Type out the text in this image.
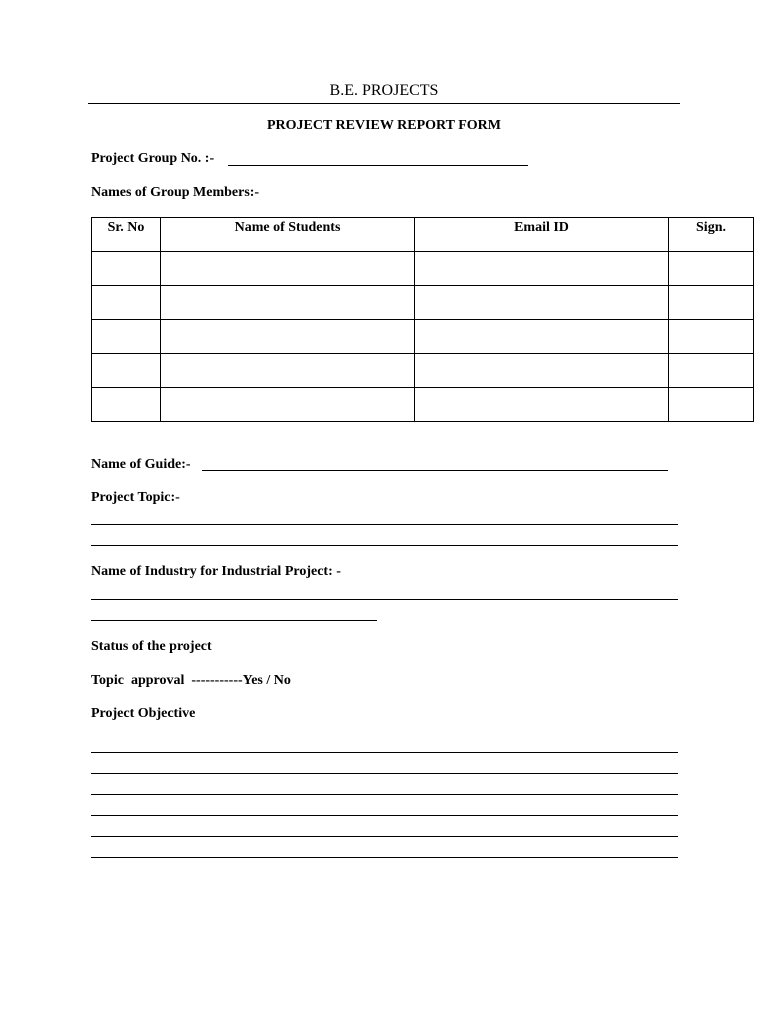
B.E. PROJECTS
PROJECT REVIEW REPORT FORM
Project Group No. :-
Names of Group Members:-
Sr. No	Name of Students	Email ID	Sign.

Name of Guide:-
Project Topic:-
Name of Industry for Industrial Project: -
Status of the project
Topic  approval  -----------Yes / No
Project Objective
